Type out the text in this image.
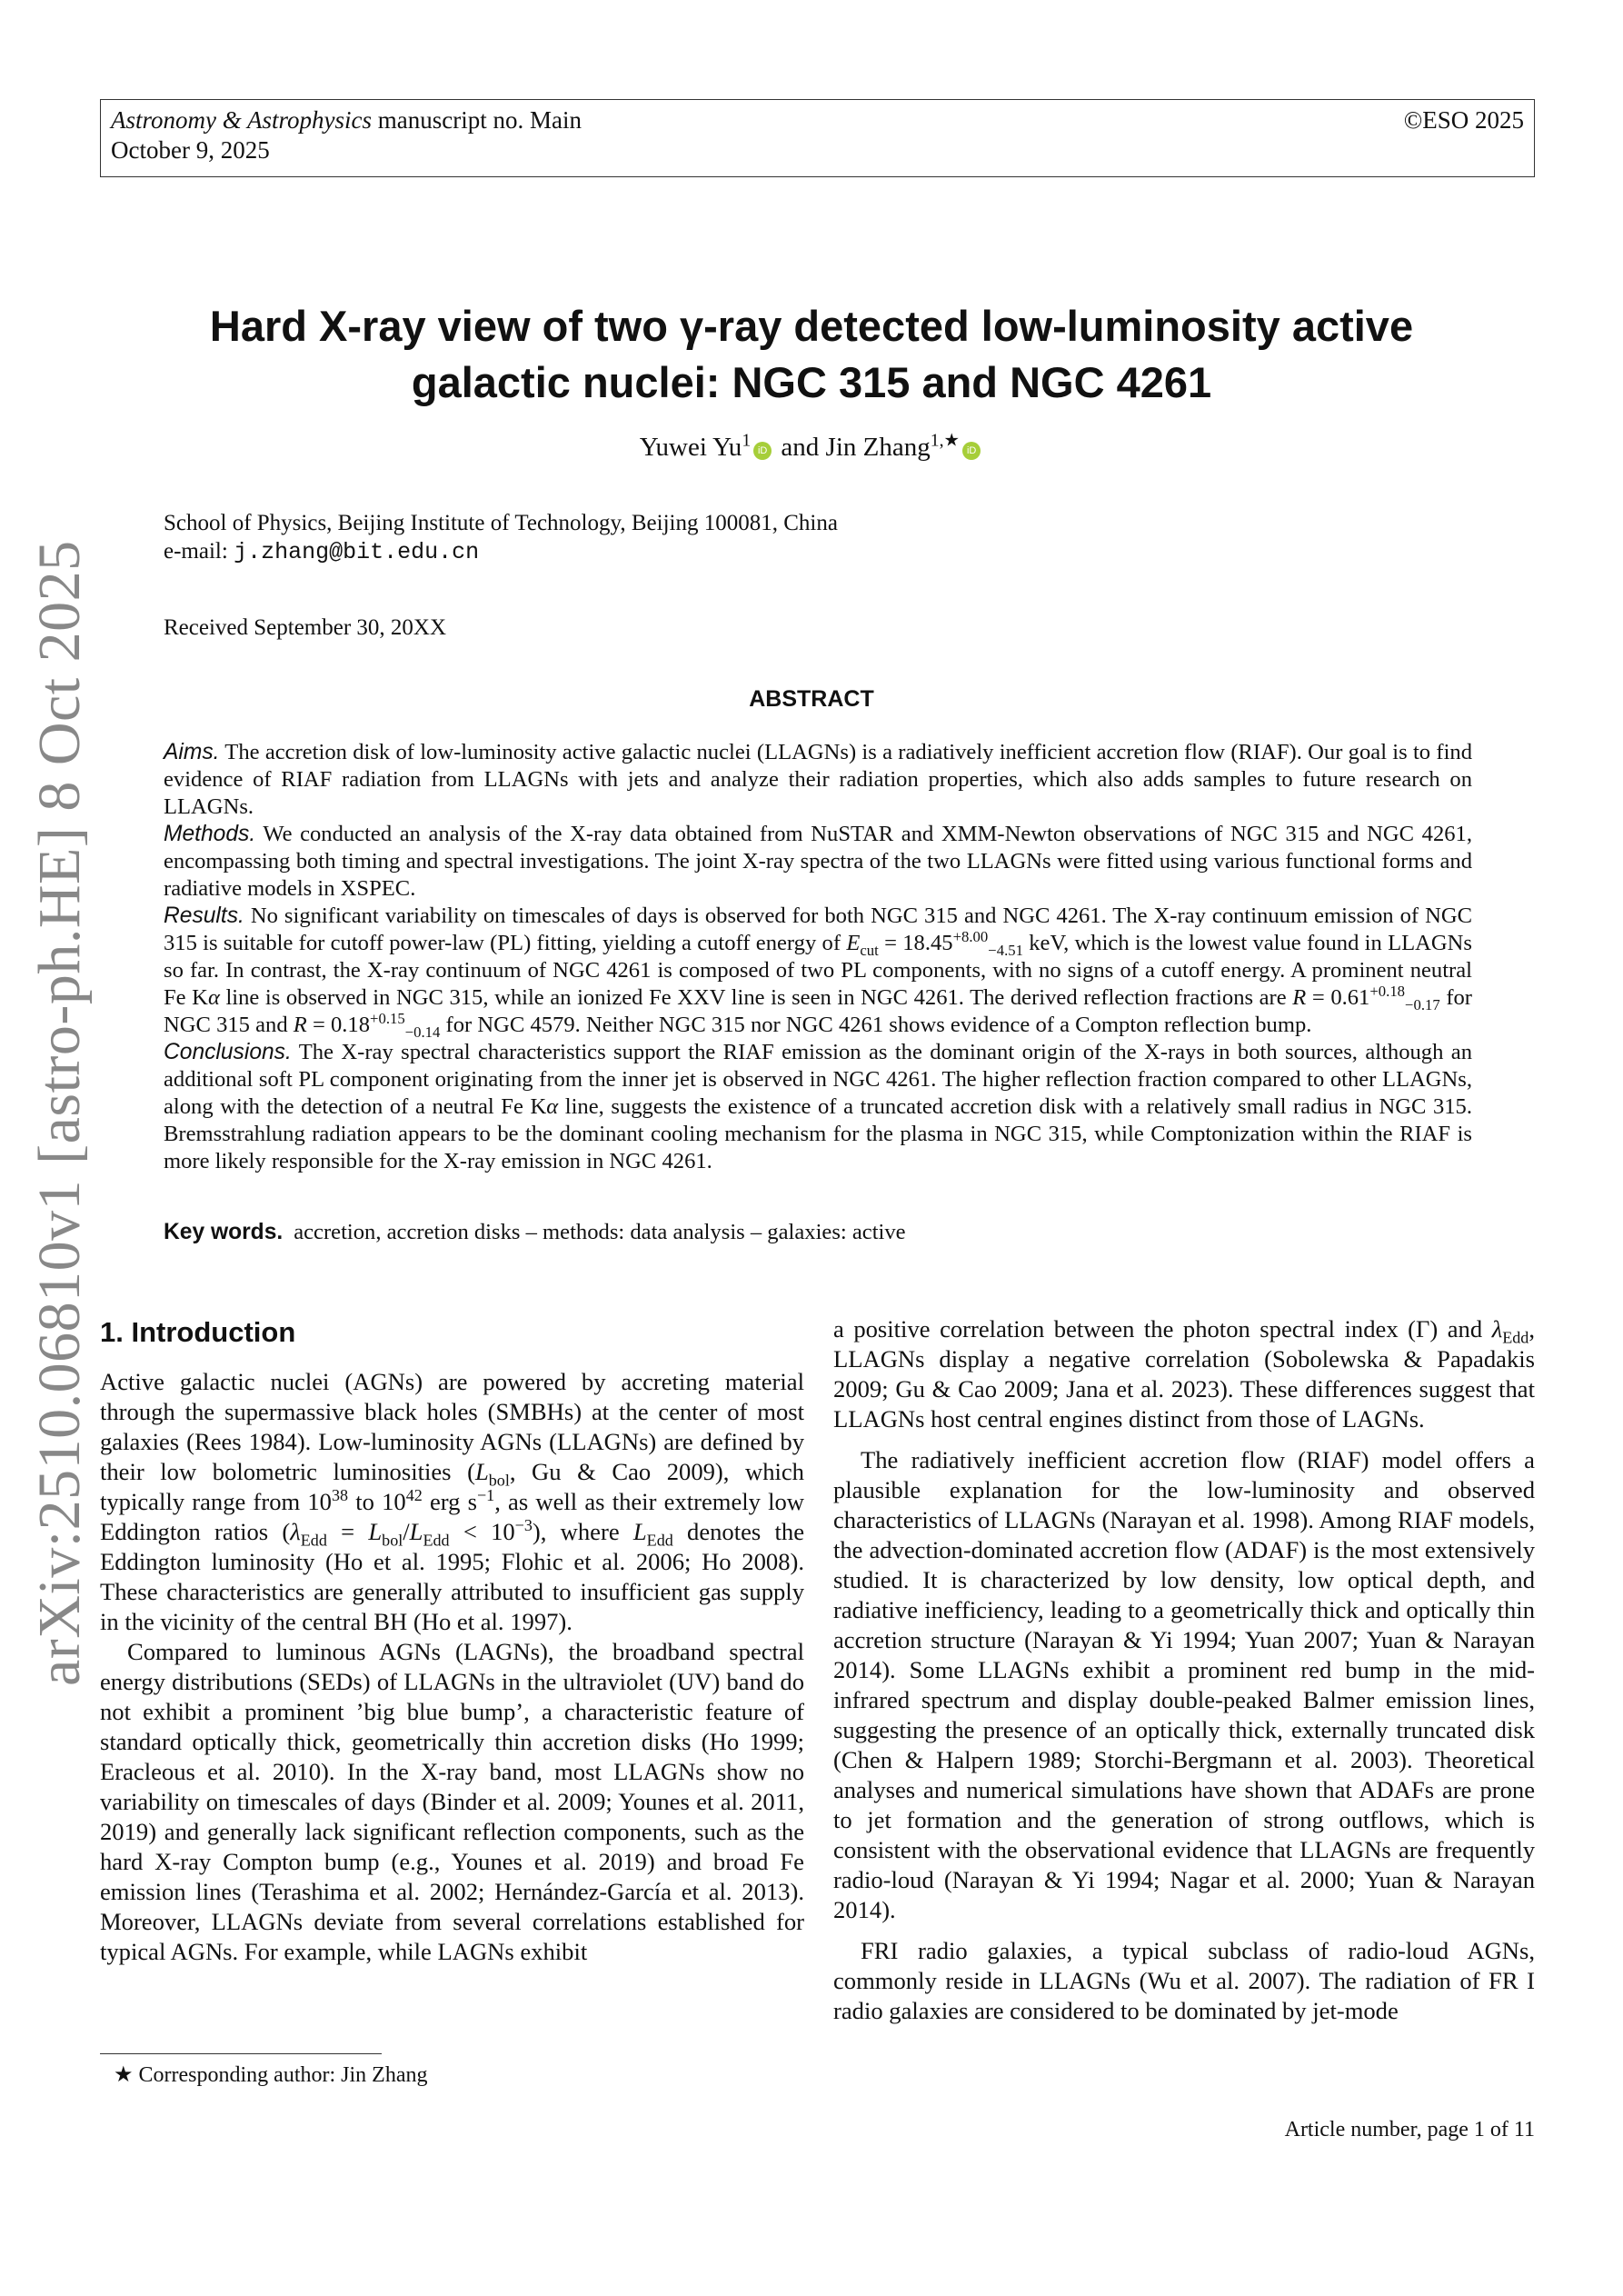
Astronomy & Astrophysics manuscript no. Main
October 9, 2025
©ESO 2025
Hard X-ray view of two γ-ray detected low-luminosity active galactic nuclei: NGC 315 and NGC 4261
Yuwei Yu$^1$iD and Jin Zhang$^{1,★}$iD
School of Physics, Beijing Institute of Technology, Beijing 100081, China
e-mail: j.zhang@bit.edu.cn
Received September 30, 20XX
ABSTRACT

Aims. The accretion disk of low-luminosity active galactic nuclei (LLAGNs) is a radiatively inefficient accretion flow (RIAF). Our goal is to find evidence of RIAF radiation from LLAGNs with jets and analyze their radiation properties, which also adds samples to future research on LLAGNs.

Methods. We conducted an analysis of the X-ray data obtained from NuSTAR and XMM-Newton observations of NGC 315 and NGC 4261, encompassing both timing and spectral investigations. The joint X-ray spectra of the two LLAGNs were fitted using various functional forms and radiative models in XSPEC.

Results. No significant variability on timescales of days is observed for both NGC 315 and NGC 4261. The X-ray continuum emission of NGC 315 is suitable for cutoff power-law (PL) fitting, yielding a cutoff energy of $E_{cut} = 18.45^{+8.00}_{-4.51}$ keV, which is the lowest value found in LLAGNs so far. In contrast, the X-ray continuum of NGC 4261 is composed of two PL components, with no signs of a cutoff energy. A prominent neutral Fe Kα line is observed in NGC 315, while an ionized Fe XXV line is seen in NGC 4261. The derived reflection fractions are $R = 0.61^{+0.18}_{-0.17}$ for NGC 315 and $R = 0.18^{+0.15}_{-0.14}$ for NGC 4579. Neither NGC 315 nor NGC 4261 shows evidence of a Compton reflection bump.

Conclusions. The X-ray spectral characteristics support the RIAF emission as the dominant origin of the X-rays in both sources, although an additional soft PL component originating from the inner jet is observed in NGC 4261. The higher reflection fraction compared to other LLAGNs, along with the detection of a neutral Fe Kα line, suggests the existence of a truncated accretion disk with a relatively small radius in NGC 315. Bremsstrahlung radiation appears to be the dominant cooling mechanism for the plasma in NGC 315, while Comptonization within the RIAF is more likely responsible for the X-ray emission in NGC 4261.

Key words. accretion, accretion disks – methods: data analysis – galaxies: active

1. Introduction

Active galactic nuclei (AGNs) are powered by accreting material through the supermassive black holes (SMBHs) at the center of most galaxies (Rees 1984). Low-luminosity AGNs (LLAGNs) are defined by their low bolometric luminosities ($L_{bol}$, Gu & Cao 2009), which typically range from $10^{38}$ to $10^{42}$ erg $s^{-1}$, as well as their extremely low Eddington ratios $(\lambda_{Edd} = L_{bol}/L_{Edd} < 10^{-3})$, where $L_{Edd}$ denotes the Eddington luminosity (Ho et al. 1995; Flohic et al. 2006; Ho 2008). These characteristics are generally attributed to insufficient gas supply in the vicinity of the central BH (Ho et al. 1997).

Compared to luminous AGNs (LAGNs), the broadband spectral energy distributions (SEDs) of LLAGNs in the ultraviolet (UV) band do not exhibit a prominent ’big blue bump’, a characteristic feature of standard optically thick, geometrically thin accretion disks (Ho 1999; Eracleous et al. 2010). In the X-ray band, most LLAGNs show no variability on timescales of days (Binder et al. 2009; Younes et al. 2011, 2019) and generally lack significant reflection components, such as the hard X-ray Compton bump (e.g., Younes et al. 2019) and broad Fe emission lines (Terashima et al. 2002; Hernández-García et al. 2013). Moreover, LLAGNs deviate from several correlations established for typical AGNs. For example, while LAGNs exhibit

a positive correlation between the photon spectral index (Γ) and $\lambda_{Edd}$, LLAGNs display a negative correlation (Sobolewska & Papadakis 2009; Gu & Cao 2009; Jana et al. 2023). These differences suggest that LLAGNs host central engines distinct from those of LAGNs.

The radiatively inefficient accretion flow (RIAF) model offers a plausible explanation for the low-luminosity and observed characteristics of LLAGNs (Narayan et al. 1998). Among RIAF models, the advection-dominated accretion flow (ADAF) is the most extensively studied. It is characterized by low density, low optical depth, and radiative inefficiency, leading to a geometrically thick and optically thin accretion structure (Narayan & Yi 1994; Yuan 2007; Yuan & Narayan 2014). Some LLAGNs exhibit a prominent red bump in the mid-infrared spectrum and display double-peaked Balmer emission lines, suggesting the presence of an optically thick, externally truncated disk (Chen & Halpern 1989; Storchi-Bergmann et al. 2003). Theoretical analyses and numerical simulations have shown that ADAFs are prone to jet formation and the generation of strong outflows, which is consistent with the observational evidence that LLAGNs are frequently radio-loud (Narayan & Yi 1994; Nagar et al. 2000; Yuan & Narayan 2014).

FRI radio galaxies, a typical subclass of radio-loud AGNs, commonly reside in LLAGNs (Wu et al. 2007). The radiation of FR I radio galaxies are considered to be dominated by jet-mode

★ Corresponding author: Jin Zhang
Article number, page 1 of 11
arXiv:2510.06810v1 [astro-ph.HE] 8 Oct 2025
